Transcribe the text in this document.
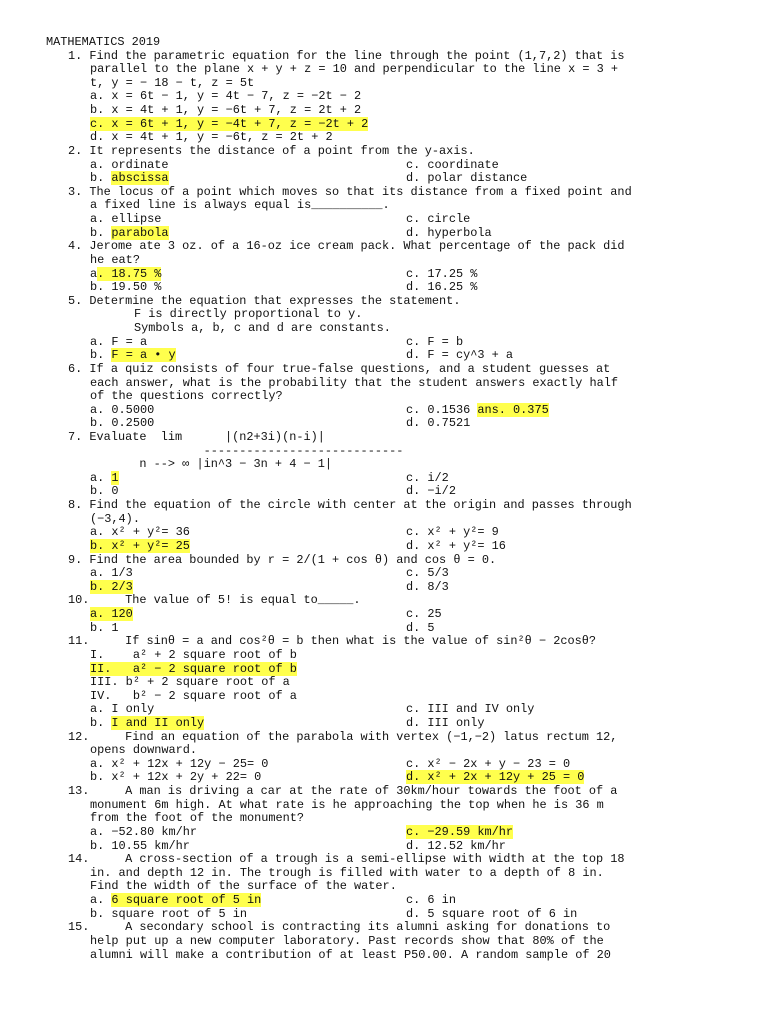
MATHEMATICS 2019
1. Find the parametric equation for the line through the point (1,7,2) that is
parallel to the plane x + y + z = 10 and perpendicular to the line x = 3 +
t, y = − 18 − t, z = 5t
a. x = 6t − 1, y = 4t − 7, z = −2t − 2
b. x = 4t + 1, y = −6t + 7, z = 2t + 2
c. x = 6t + 1, y = −4t + 7, z = −2t + 2
d. x = 4t + 1, y = −6t, z = 2t + 2
2. It represents the distance of a point from the y-axis.
a. ordinate	c. coordinate
b. abscissa	d. polar distance
3. The locus of a point which moves so that its distance from a fixed point and
a fixed line is always equal is__________.
a. ellipse	c. circle
b. parabola	d. hyperbola
4. Jerome ate 3 oz. of a 16-oz ice cream pack. What percentage of the pack did
he eat?
a. 18.75 %	c. 17.25 %
b. 19.50 %	d. 16.25 %
5. Determine the equation that expresses the statement.
F is directly proportional to y.
Symbols a, b, c and d are constants.
a. F = a	c. F = b
b. F = a • y	d. F = cy^3 + a
6. If a quiz consists of four true-false questions, and a student guesses at
each answer, what is the probability that the student answers exactly half
of the questions correctly?
a. 0.5000	c. 0.1536 ans. 0.375
b. 0.2500	d. 0.7521
7. Evaluate  lim      |(n2+3i)(n-i)|
----------------------------
n --> ∞ |in^3 − 3n + 4 − 1|
a. 1	c. i/2
b. 0	d. −i/2
8. Find the equation of the circle with center at the origin and passes through
(−3,4).
a. x² + y²= 36	c. x² + y²= 9
b. x² + y²= 25	d. x² + y²= 16
9. Find the area bounded by r = 2/(1 + cos θ) and cos θ = 0.
a. 1/3	c. 5/3
b. 2/3	d. 8/3
10.     The value of 5! is equal to_____.
a. 120	c. 25
b. 1	d. 5
11.     If sinθ = a and cos²θ = b then what is the value of sin²θ − 2cosθ?
I.    a² + 2 square root of b
II.   a² − 2 square root of b
III. b² + 2 square root of a
IV.   b² − 2 square root of a
a. I only	c. III and IV only
b. I and II only	d. III only
12.     Find an equation of the parabola with vertex (−1,−2) latus rectum 12,
opens downward.
a. x² + 12x + 12y − 25= 0	c. x² − 2x + y − 23 = 0
b. x² + 12x + 2y + 22= 0	d. x² + 2x + 12y + 25 = 0
13.     A man is driving a car at the rate of 30km/hour towards the foot of a
monument 6m high. At what rate is he approaching the top when he is 36 m
from the foot of the monument?
a. −52.80 km/hr	c. −29.59 km/hr
b. 10.55 km/hr	d. 12.52 km/hr
14.     A cross-section of a trough is a semi-ellipse with width at the top 18
in. and depth 12 in. The trough is filled with water to a depth of 8 in.
Find the width of the surface of the water.
a. 6 square root of 5 in	c. 6 in
b. square root of 5 in	d. 5 square root of 6 in
15.     A secondary school is contracting its alumni asking for donations to
help put up a new computer laboratory. Past records show that 80% of the
alumni will make a contribution of at least P50.00. A random sample of 20
